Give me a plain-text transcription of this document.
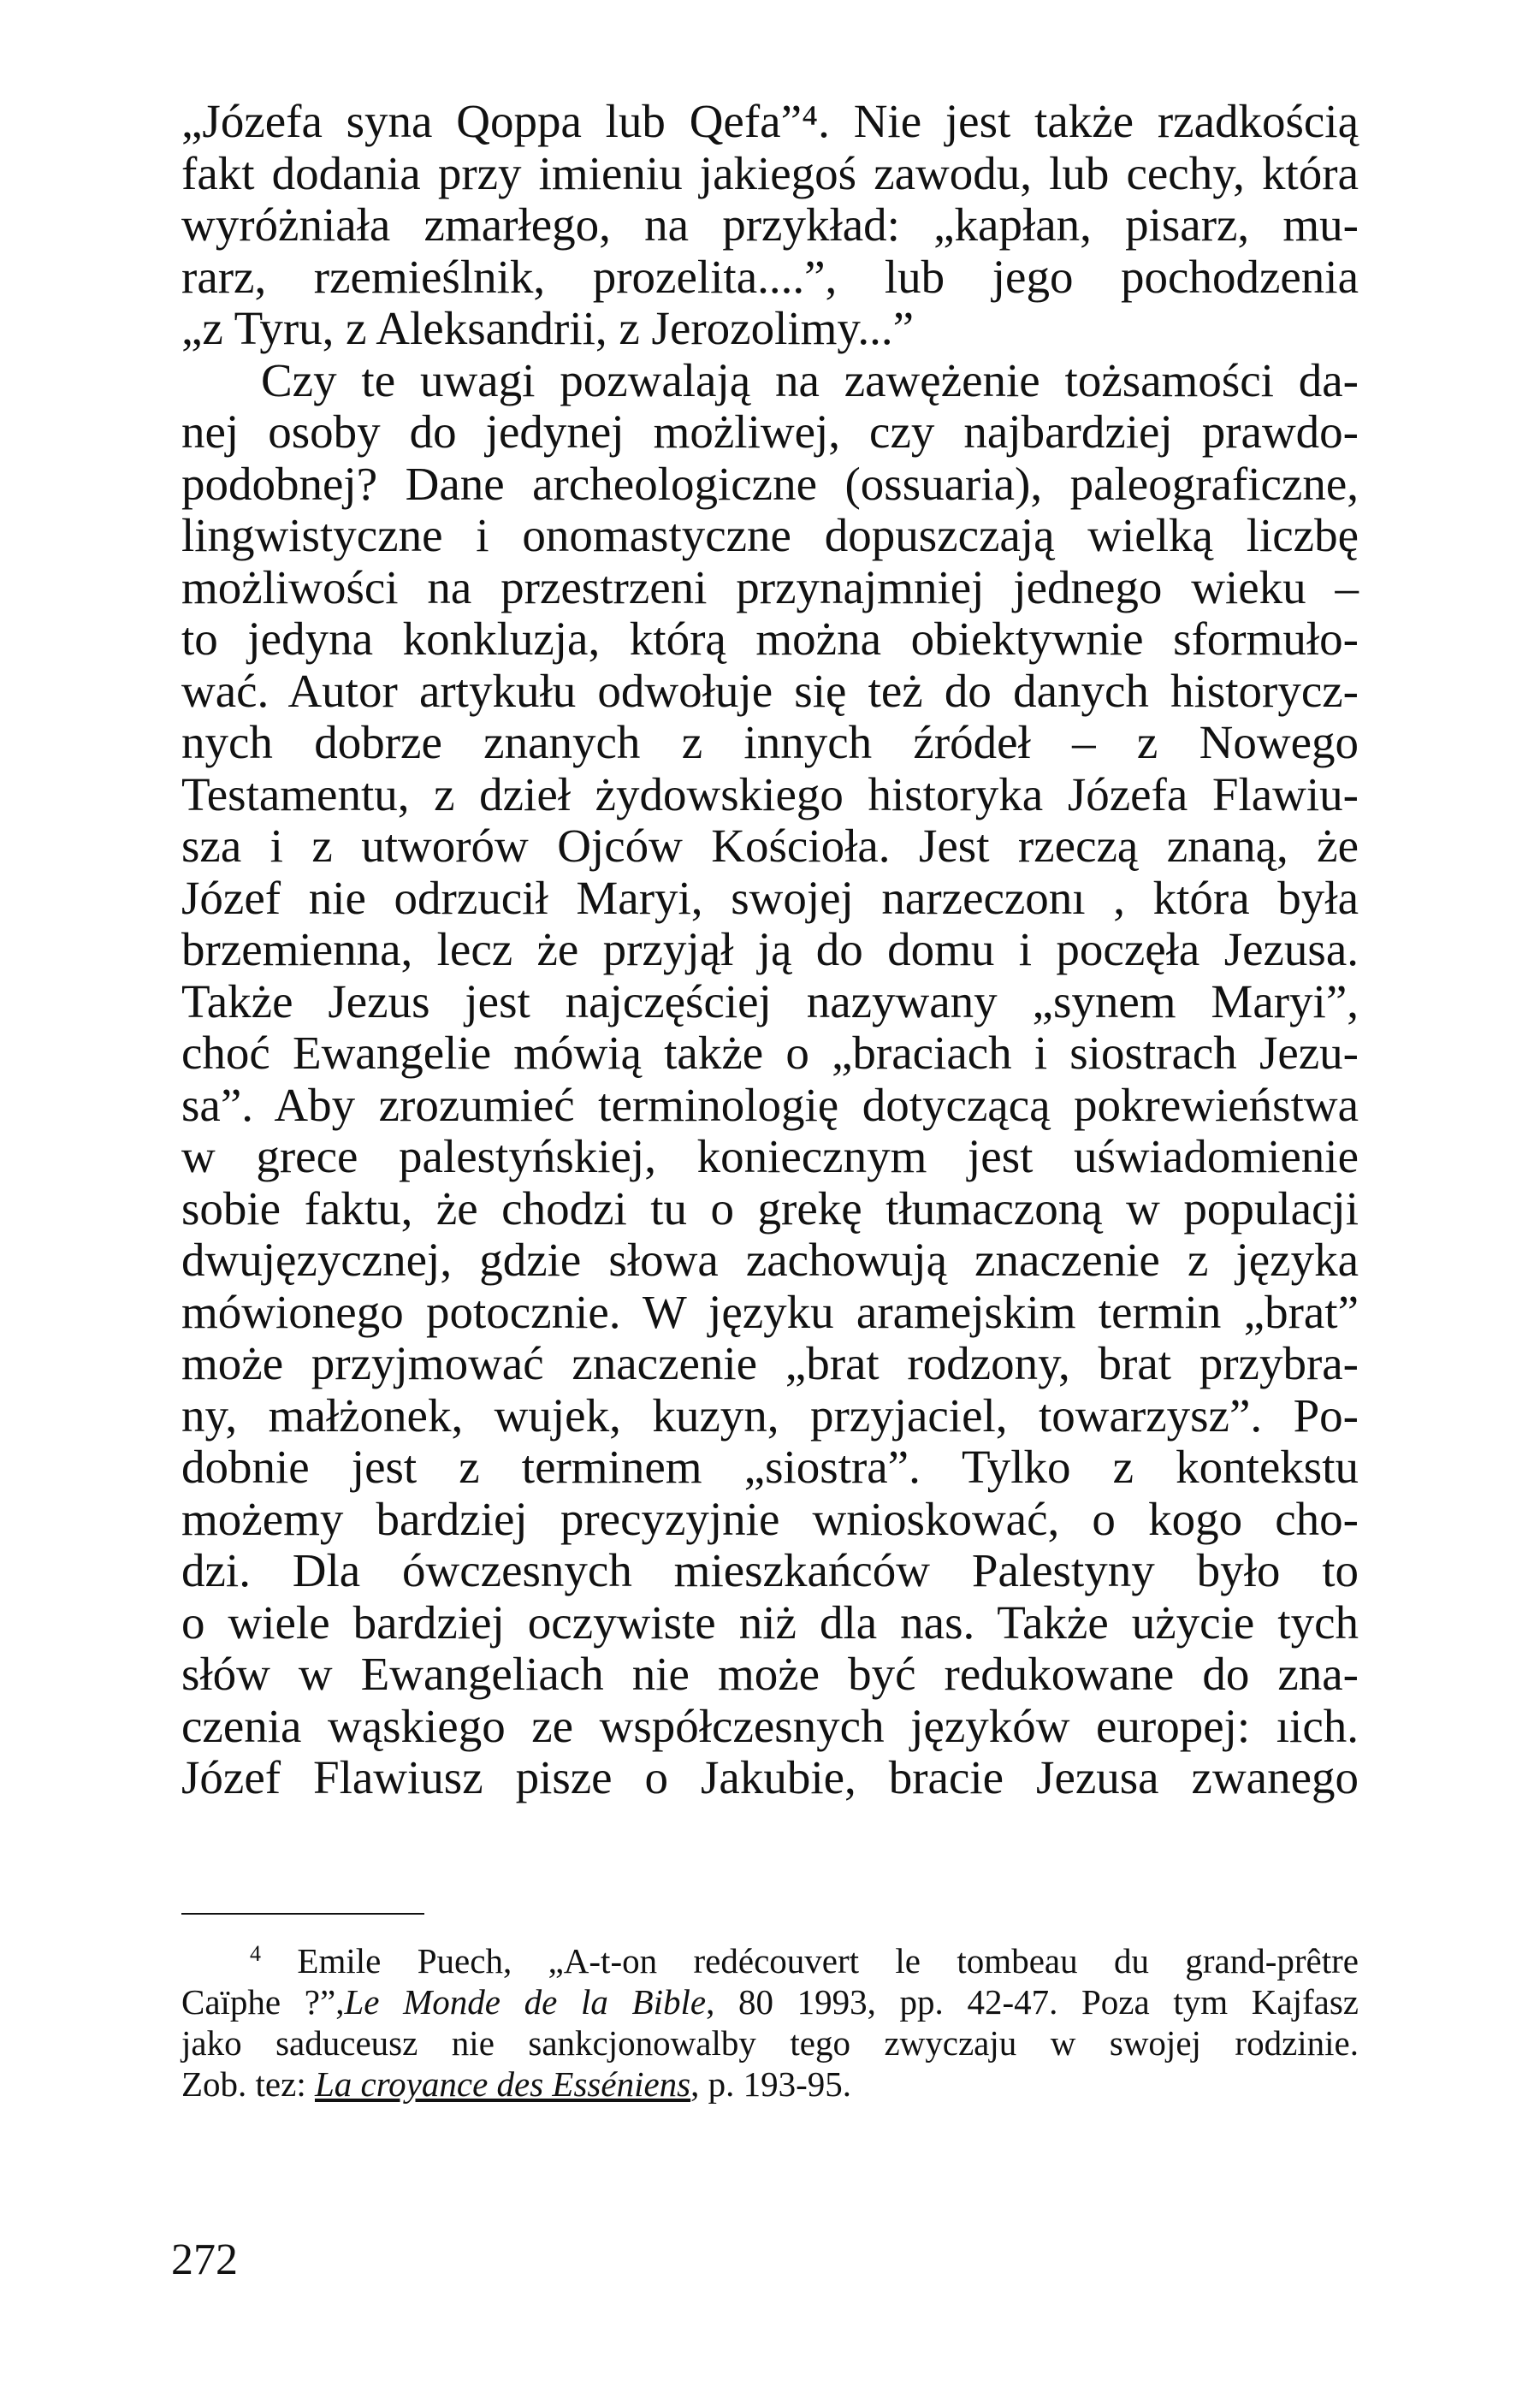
„Józefa syna Qoppa lub Qefa”⁴. Nie jest także rzadkością
fakt dodania przy imieniu jakiegoś zawodu, lub cechy, która
wyróżniała zmarłego, na przykład: „kapłan, pisarz, mu-
rarz, rzemieślnik, prozelita....”, lub jego pochodzenia
„z Tyru, z Aleksandrii, z Jerozolimy...”
Czy te uwagi pozwalają na zawężenie tożsamości da-
nej osoby do jedynej możliwej, czy najbardziej prawdo-
podobnej? Dane archeologiczne (ossuaria), paleograficzne,
lingwistyczne i onomastyczne dopuszczają wielką liczbę
możliwości na przestrzeni przynajmniej jednego wieku –
to jedyna konkluzja, którą można obiektywnie sformuło-
wać. Autor artykułu odwołuje się też do danych historycz-
nych dobrze znanych z innych źródeł – z Nowego
Testamentu, z dzieł żydowskiego historyka Józefa Flawiu-
sza i z utworów Ojców Kościoła. Jest rzeczą znaną, że
Józef nie odrzucił Maryi, swojej narzeczonı , która była
brzemienna, lecz że przyjął ją do domu i poczęła Jezusa.
Także Jezus jest najczęściej nazywany „synem Maryi”,
choć Ewangelie mówią także o „braciach i siostrach Jezu-
sa”. Aby zrozumieć terminologię dotyczącą pokrewieństwa
w grece palestyńskiej, koniecznym jest uświadomienie
sobie faktu, że chodzi tu o grekę tłumaczoną w populacji
dwujęzycznej, gdzie słowa zachowują znaczenie z języka
mówionego potocznie. W języku aramejskim termin „brat”
może przyjmować znaczenie „brat rodzony, brat przybra-
ny, małżonek, wujek, kuzyn, przyjaciel, towarzysz”. Po-
dobnie jest z terminem „siostra”. Tylko z kontekstu
możemy bardziej precyzyjnie wnioskować, o kogo cho-
dzi. Dla ówczesnych mieszkańców Palestyny było to
o wiele bardziej oczywiste niż dla nas. Także użycie tych
słów w Ewangeliach nie może być redukowane do zna-
czenia wąskiego ze współczesnych języków europej: ıich.
Józef Flawiusz pisze o Jakubie, bracie Jezusa zwanego
$^4$ Emile Puech, „A-t-on redécouvert le tombeau du grand-prêtre
Caïphe ?”,Le Monde de la Bible, 80 1993, pp. 42-47. Poza tym Kajfasz
jako saduceusz nie sankcjonowalby tego zwyczaju w swojej rodzinie.
Zob. tez: La croyance des Esséniens, p. 193-95.
272
